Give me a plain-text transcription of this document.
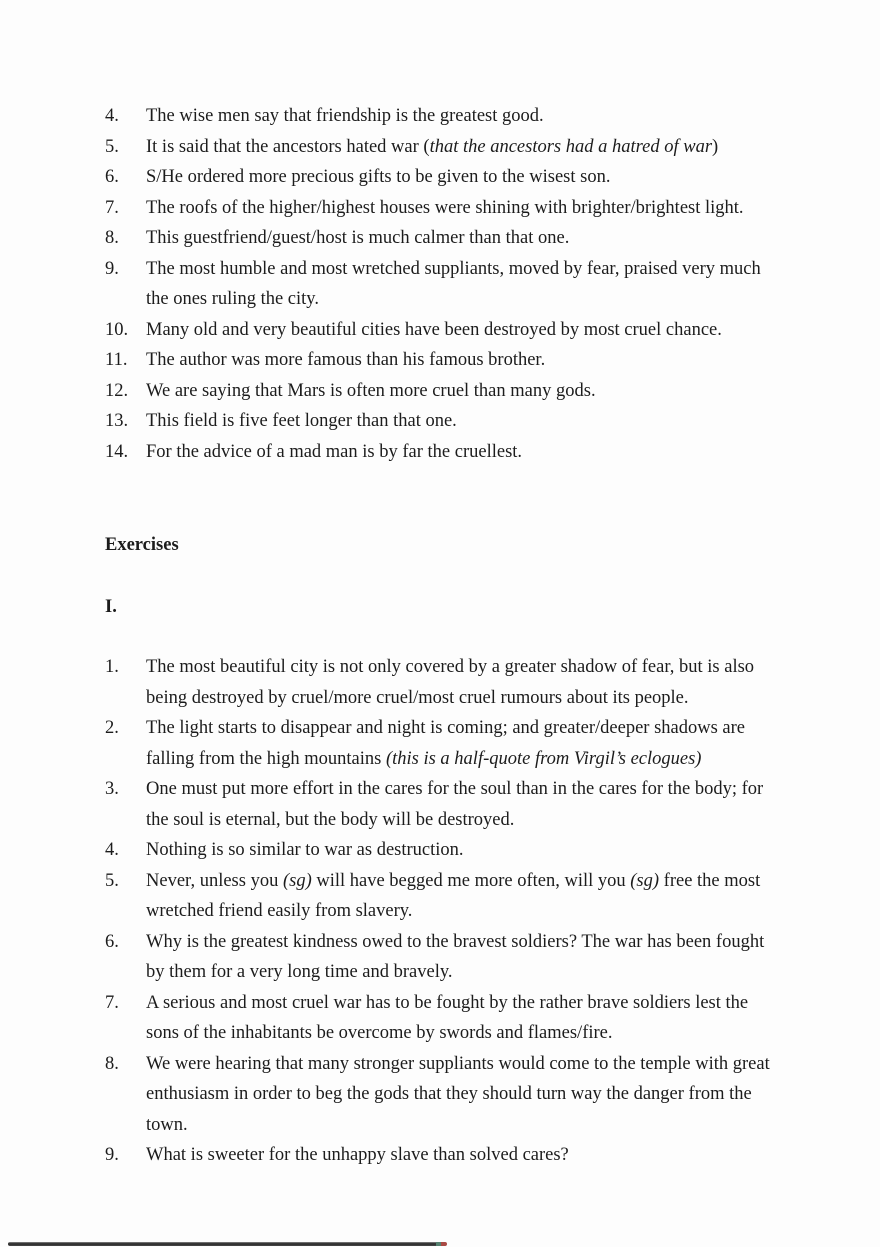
4.	The wise men say that friendship is the greatest good.
5.	It is said that the ancestors hated war (that the ancestors had a hatred of war)
6.	S/He ordered more precious gifts to be given to the wisest son.
7.	The roofs of the higher/highest houses were shining with brighter/brightest light.
8.	This guestfriend/guest/host is much calmer than that one.
9.	The most humble and most wretched suppliants, moved by fear, praised very much the ones ruling the city.
10. Many old and very beautiful cities have been destroyed by most cruel chance.
11.	The author was more famous than his famous brother.
12. We are saying that Mars is often more cruel than many gods.
13. This field is five feet longer than that one.
14. For the advice of a mad man is by far the cruellest.
Exercises
I.
1.	The most beautiful city is not only covered by a greater shadow of fear, but is also being destroyed by cruel/more cruel/most cruel rumours about its people.
2.	The light starts to disappear and night is coming; and greater/deeper shadows are falling from the high mountains (this is a half-quote from Virgil’s eclogues)
3.	One must put more effort in the cares for the soul than in the cares for the body; for the soul is eternal, but the body will be destroyed.
4.	Nothing is so similar to war as destruction.
5.	Never, unless you (sg) will have begged me more often, will you (sg) free the most wretched friend easily from slavery.
6.	Why is the greatest kindness owed to the bravest soldiers? The war has been fought by them for a very long time and bravely.
7.	A serious and most cruel war has to be fought by the rather brave soldiers lest the sons of the inhabitants be overcome by swords and flames/fire.
8.	We were hearing that many stronger suppliants would come to the temple with great enthusiasm in order to beg the gods that they should turn way the danger from the town.
9.	What is sweeter for the unhappy slave than solved cares?
